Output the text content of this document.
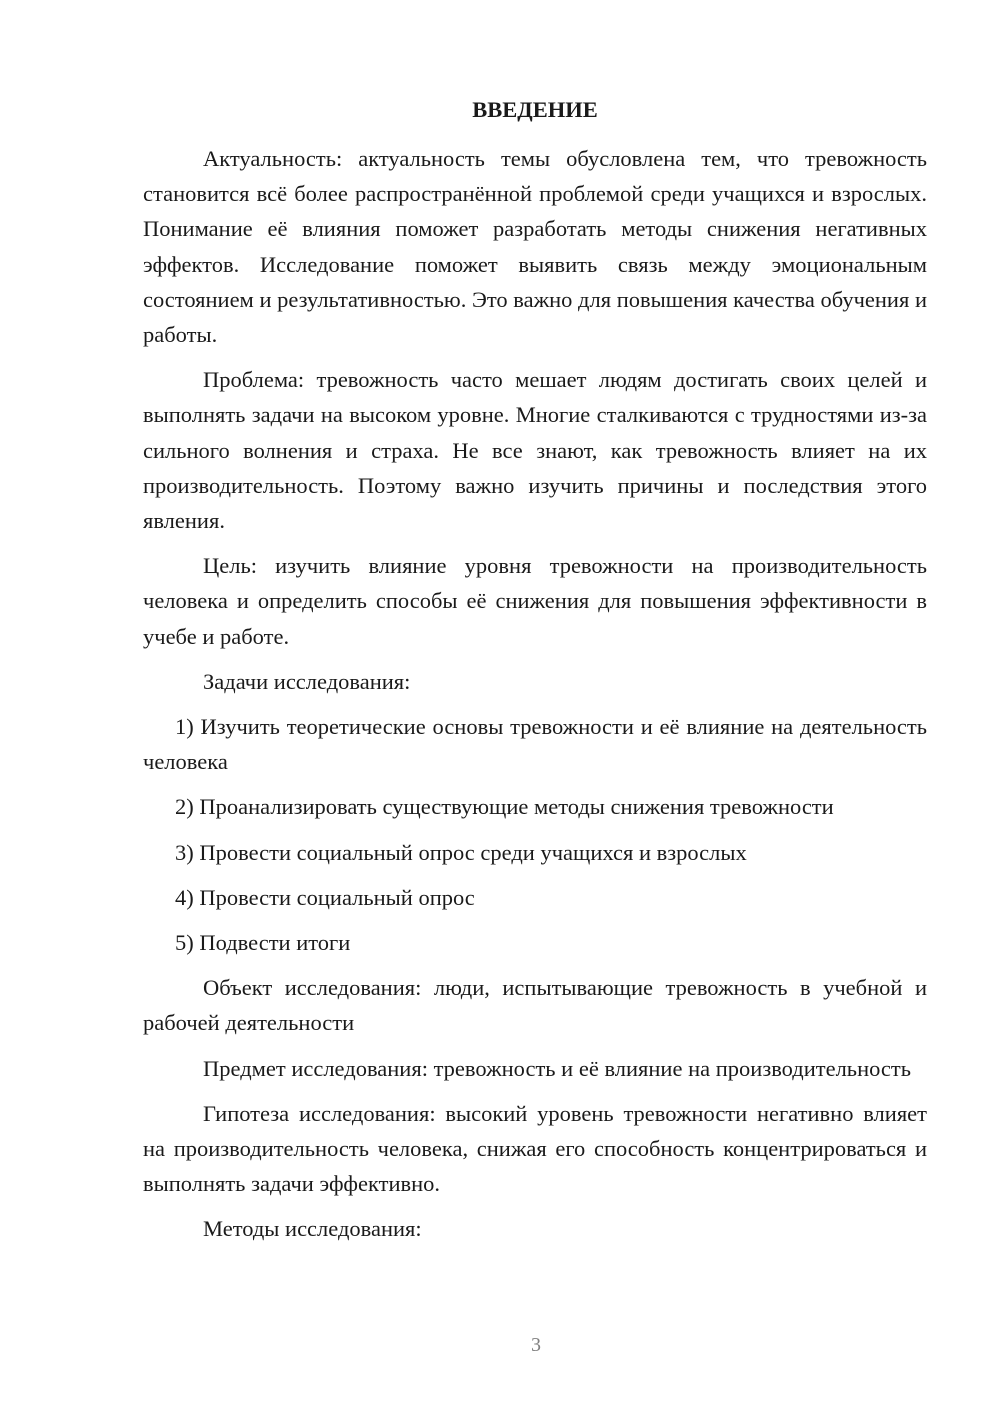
ВВЕДЕНИЕ

Актуальность: актуальность темы обусловлена тем, что тревожность становится всё более распространённой проблемой среди учащихся и взрослых. Понимание её влияния поможет разработать методы снижения негативных эффектов. Исследование поможет выявить связь между эмоциональным состоянием и результативностью. Это важно для повышения качества обучения и работы.

Проблема: тревожность часто мешает людям достигать своих целей и выполнять задачи на высоком уровне. Многие сталкиваются с трудностями из-за сильного волнения и страха. Не все знают, как тревожность влияет на их производительность. Поэтому важно изучить причины и последствия этого явления.

Цель: изучить влияние уровня тревожности на производительность человека и определить способы её снижения для повышения эффективности в учебе и работе.

Задачи исследования:

1) Изучить теоретические основы тревожности и её влияние на деятельность человека

2) Проанализировать существующие методы снижения тревожности

3) Провести социальный опрос среди учащихся и взрослых

4) Провести социальный опрос

5) Подвести итоги

Объект исследования: люди, испытывающие тревожность в учебной и рабочей деятельности

Предмет исследования: тревожность и её влияние на производительность

Гипотеза исследования: высокий уровень тревожности негативно влияет на производительность человека, снижая его способность концентрироваться и выполнять задачи эффективно.

Методы исследования:

3
